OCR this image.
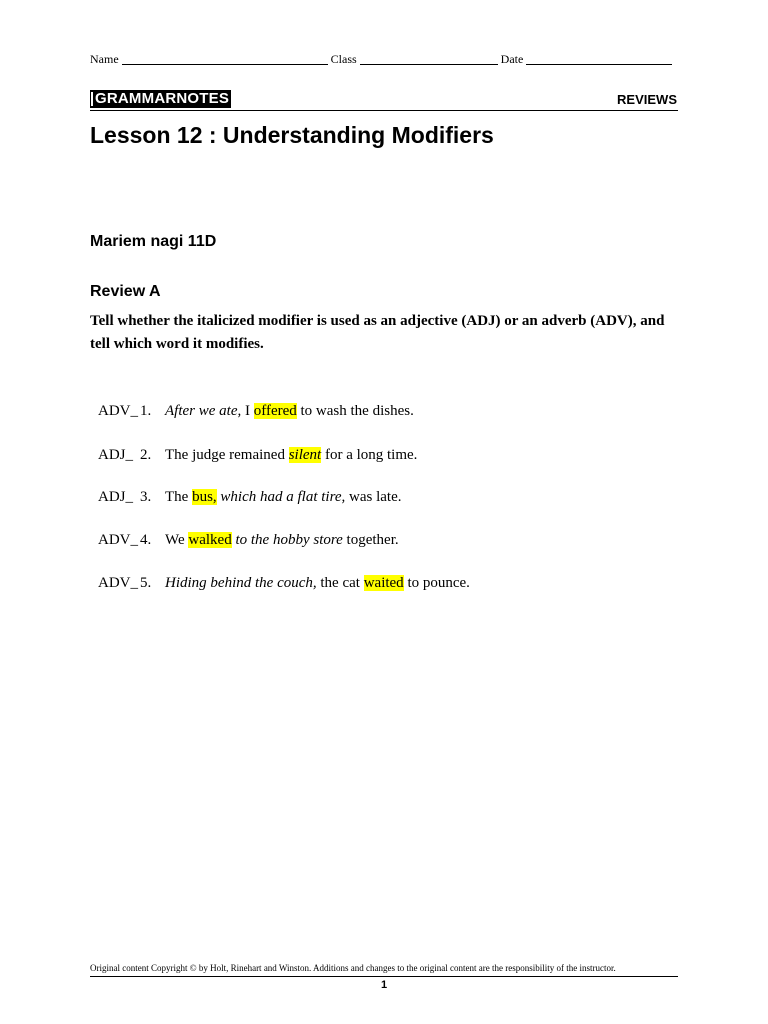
Name	Class	Date
GRAMMARNOTES	REVIEWS
Lesson 12 : Understanding Modifiers
Mariem nagi 11D
Review A
Tell whether the italicized modifier is used as an adjective (ADJ) or an adverb (ADV), and tell which word it modifies.
ADV_ 1. After we ate, I offered to wash the dishes.
ADJ_ 2. The judge remained silent for a long time.
ADJ_ 3. The bus, which had a flat tire, was late.
ADV_ 4. We walked to the hobby store together.
ADV_ 5. Hiding behind the couch, the cat waited to pounce.
Original content Copyright © by Holt, Rinehart and Winston. Additions and changes to the original content are the responsibility of the instructor.
1
